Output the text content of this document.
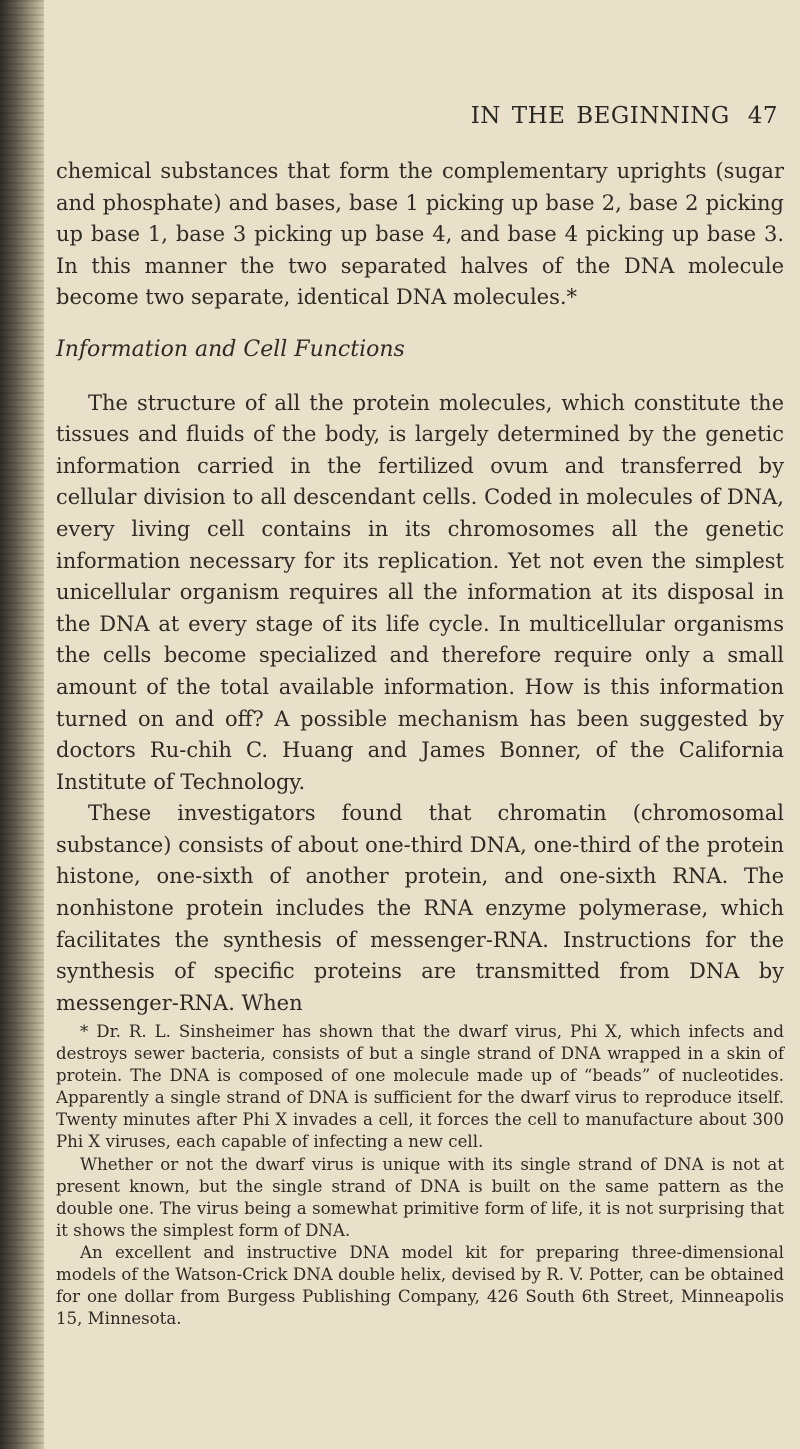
IN THE BEGINNING 47

chemical substances that form the complementary uprights (sugar and phosphate) and bases, base 1 picking up base 2, base 2 picking up base 1, base 3 picking up base 4, and base 4 picking up base 3. In this manner the two separated halves of the DNA molecule become two separate, identical DNA molecules.*

Information and Cell Functions

The structure of all the protein molecules, which constitute the tissues and fluids of the body, is largely determined by the genetic information carried in the fertilized ovum and transferred by cellular division to all descendant cells. Coded in molecules of DNA, every living cell contains in its chromosomes all the genetic information necessary for its replication. Yet not even the simplest unicellular organism requires all the information at its disposal in the DNA at every stage of its life cycle. In multicellular organisms the cells become specialized and therefore require only a small amount of the total available information. How is this information turned on and off? A possible mechanism has been suggested by doctors Ru-chih C. Huang and James Bonner, of the California Institute of Technology.

These investigators found that chromatin (chromosomal substance) consists of about one-third DNA, one-third of the protein histone, one-sixth of another protein, and one-sixth RNA. The nonhistone protein includes the RNA enzyme polymerase, which facilitates the synthesis of messenger-RNA. Instructions for the synthesis of specific proteins are transmitted from DNA by messenger-RNA. When

* Dr. R. L. Sinsheimer has shown that the dwarf virus, Phi X, which infects and destroys sewer bacteria, consists of but a single strand of DNA wrapped in a skin of protein. The DNA is composed of one molecule made up of “beads” of nucleotides. Apparently a single strand of DNA is sufficient for the dwarf virus to reproduce itself. Twenty minutes after Phi X invades a cell, it forces the cell to manufacture about 300 Phi X viruses, each capable of infecting a new cell.

Whether or not the dwarf virus is unique with its single strand of DNA is not at present known, but the single strand of DNA is built on the same pattern as the double one. The virus being a somewhat primitive form of life, it is not surprising that it shows the simplest form of DNA.

An excellent and instructive DNA model kit for preparing three-dimensional models of the Watson-Crick DNA double helix, devised by R. V. Potter, can be obtained for one dollar from Burgess Publishing Company, 426 South 6th Street, Minneapolis 15, Minnesota.
